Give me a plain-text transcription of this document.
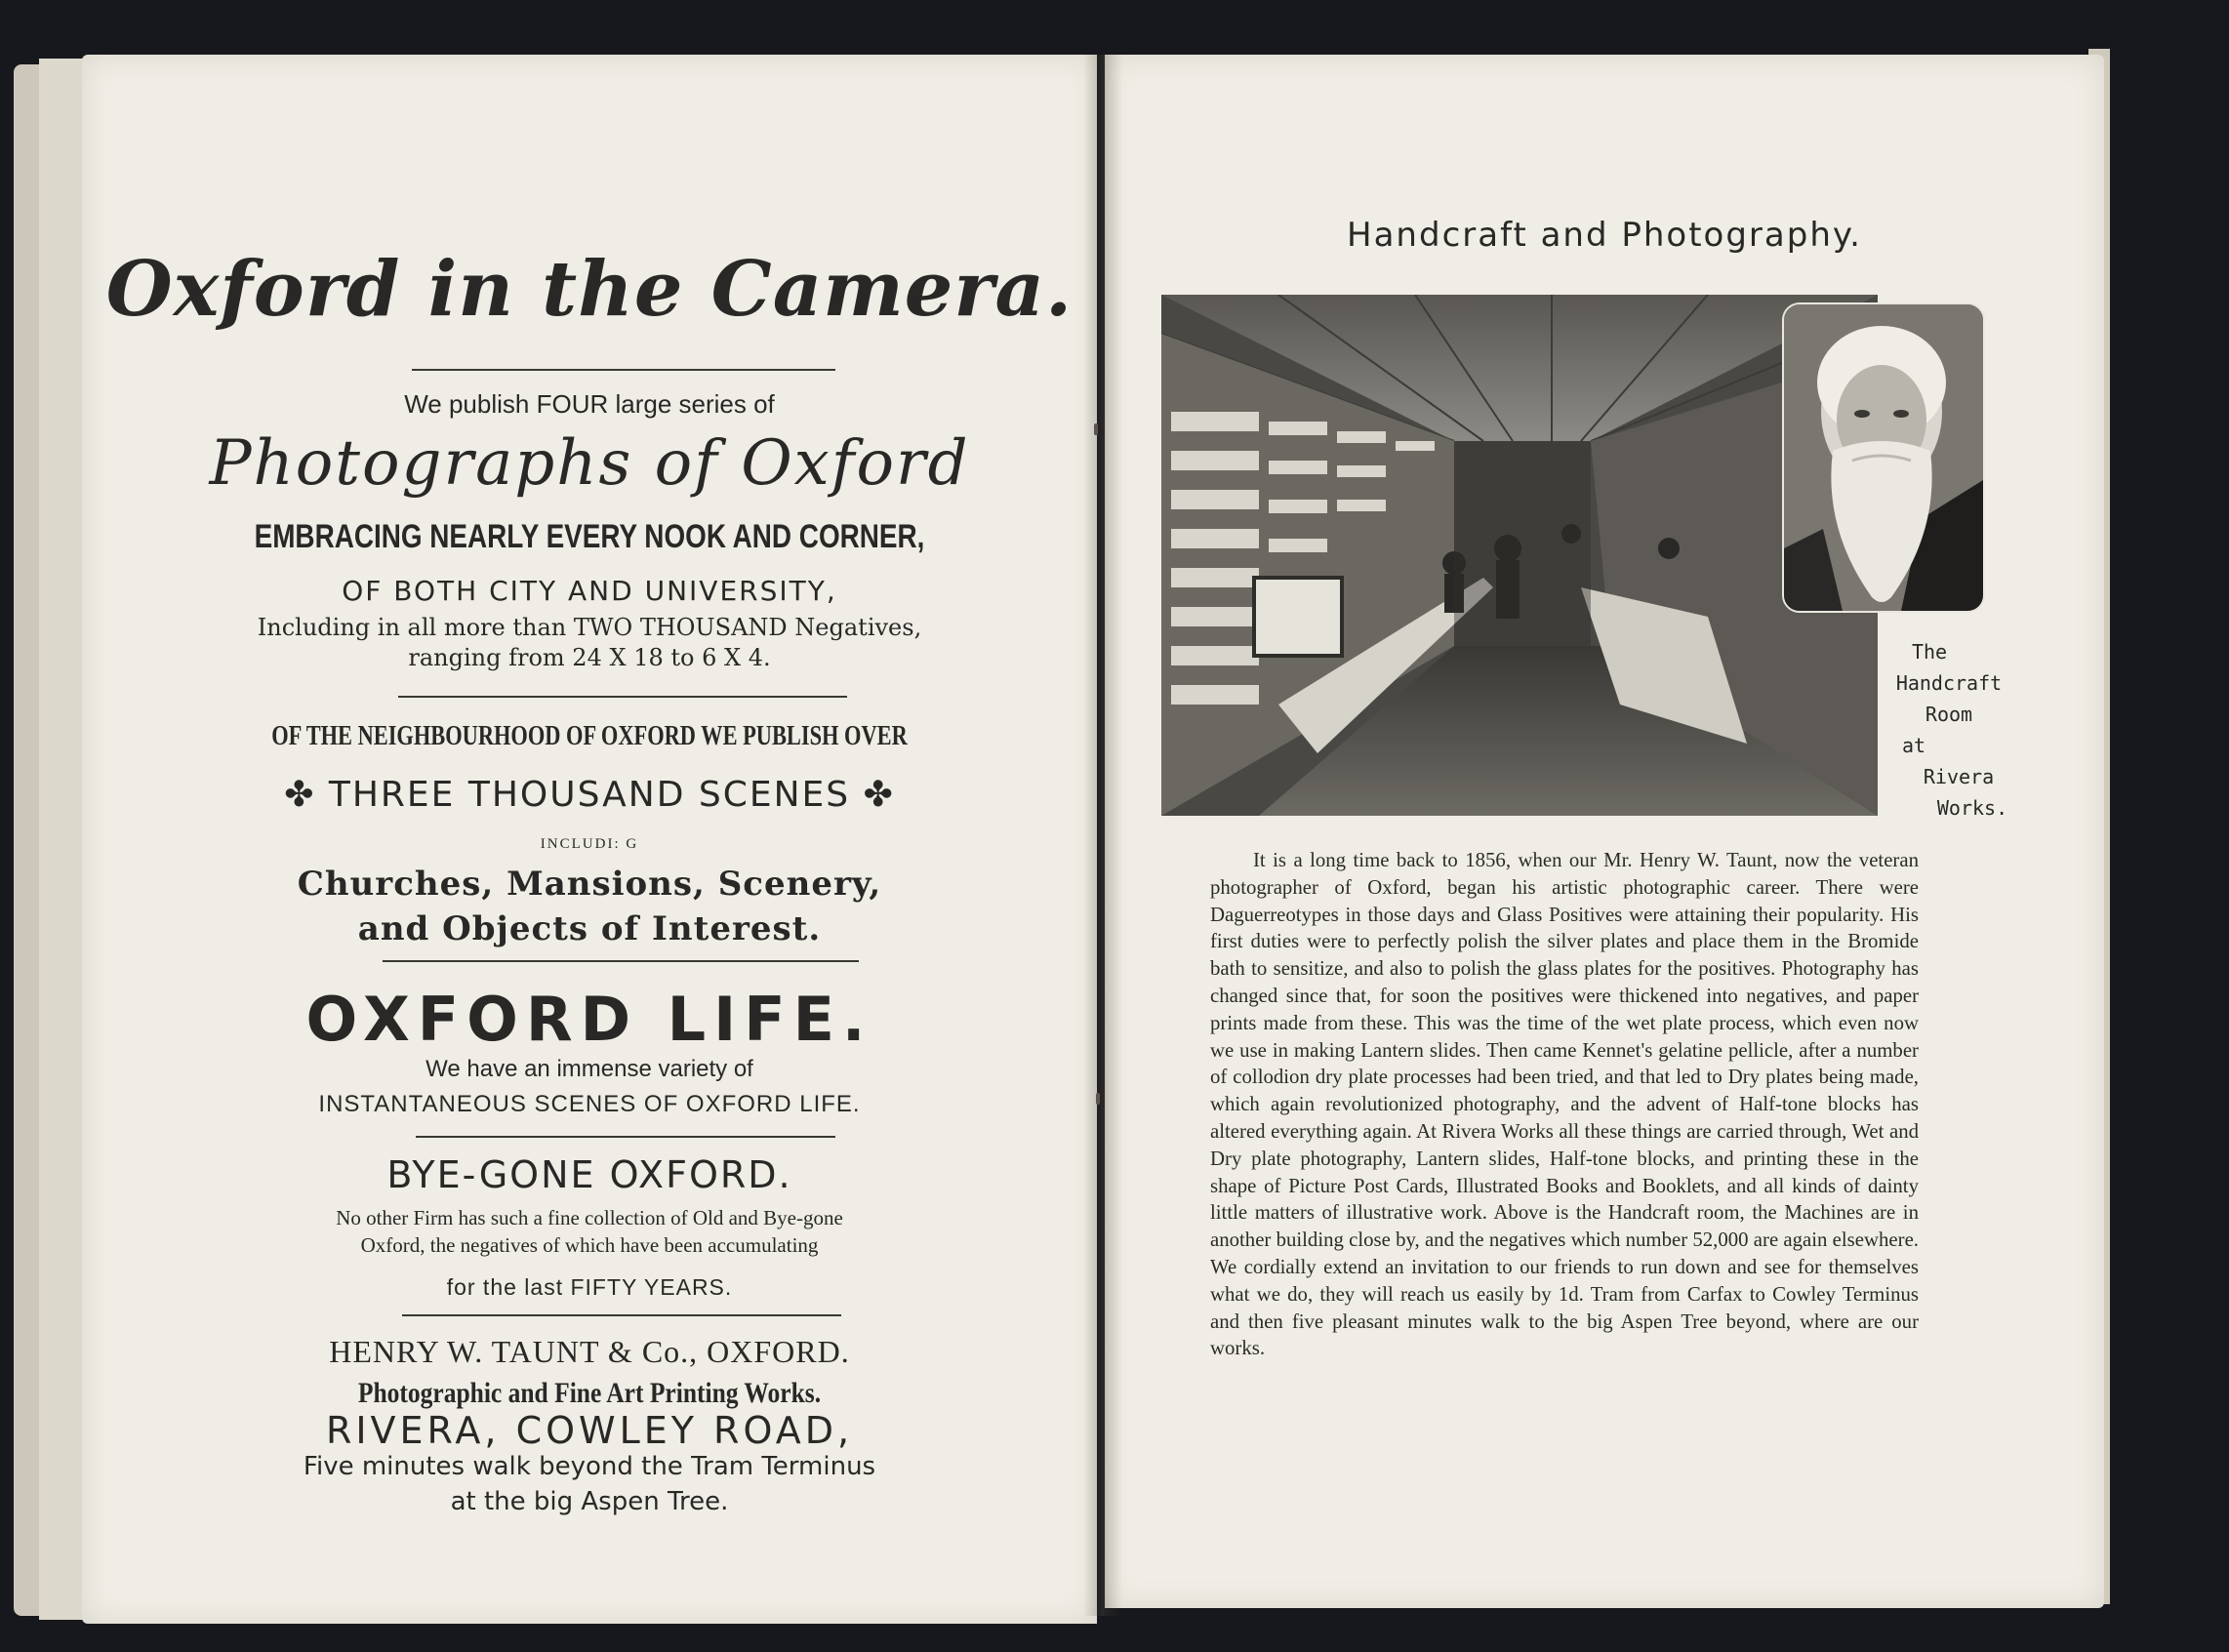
Oxford in the Camera.
We publish FOUR large series of
Photographs of Oxford
EMBRACING NEARLY EVERY NOOK AND CORNER,
OF BOTH CITY AND UNIVERSITY,
Including in all more than TWO THOUSAND Negatives,
ranging from 24 X 18 to 6 X 4.
OF THE NEIGHBOURHOOD OF OXFORD WE PUBLISH OVER
✤ THREE THOUSAND SCENES ✤
INCLUDI: G
Churches, Mansions, Scenery,
and Objects of Interest.
OXFORD LIFE.
We have an immense variety of
INSTANTANEOUS SCENES OF OXFORD LIFE.
BYE-GONE OXFORD.
No other Firm has such a fine collection of Old and Bye-gone
Oxford, the negatives of which have been accumulating
for the last FIFTY YEARS.
HENRY W. TAUNT & Co., OXFORD.
Photographic and Fine Art Printing Works.
RIVERA, COWLEY ROAD,
Five minutes walk beyond the Tram Terminus
at the big Aspen Tree.
Handcraft and Photography.
The
Handcraft
Room
at
Rivera
Works.

It is a long time back to 1856, when our Mr. Henry W. Taunt, now the veteran photographer of Oxford, began his artistic photographic career. There were Daguerreotypes in those days and Glass Positives were attaining their popularity. His first duties were to perfectly polish the silver plates and place them in the Bromide bath to sensitize, and also to polish the glass plates for the positives. Photography has changed since that, for soon the positives were thickened into negatives, and paper prints made from these. This was the time of the wet plate process, which even now we use in making Lantern slides. Then came Kennet's gelatine pellicle, after a number of collodion dry plate processes had been tried, and that led to Dry plates being made, which again revolutionized photography, and the advent of Half-tone blocks has altered everything again. At Rivera Works all these things are carried through, Wet and Dry plate photography, Lantern slides, Half-tone blocks, and printing these in the shape of Picture Post Cards, Illustrated Books and Booklets, and all kinds of dainty little matters of illustrative work. Above is the Handcraft room, the Machines are in another building close by, and the negatives which number 52,000 are again elsewhere. We cordially extend an invitation to our friends to run down and see for themselves what we do, they will reach us easily by 1d. Tram from Carfax to Cowley Terminus and then five pleasant minutes walk to the big Aspen Tree beyond, where are our works.
